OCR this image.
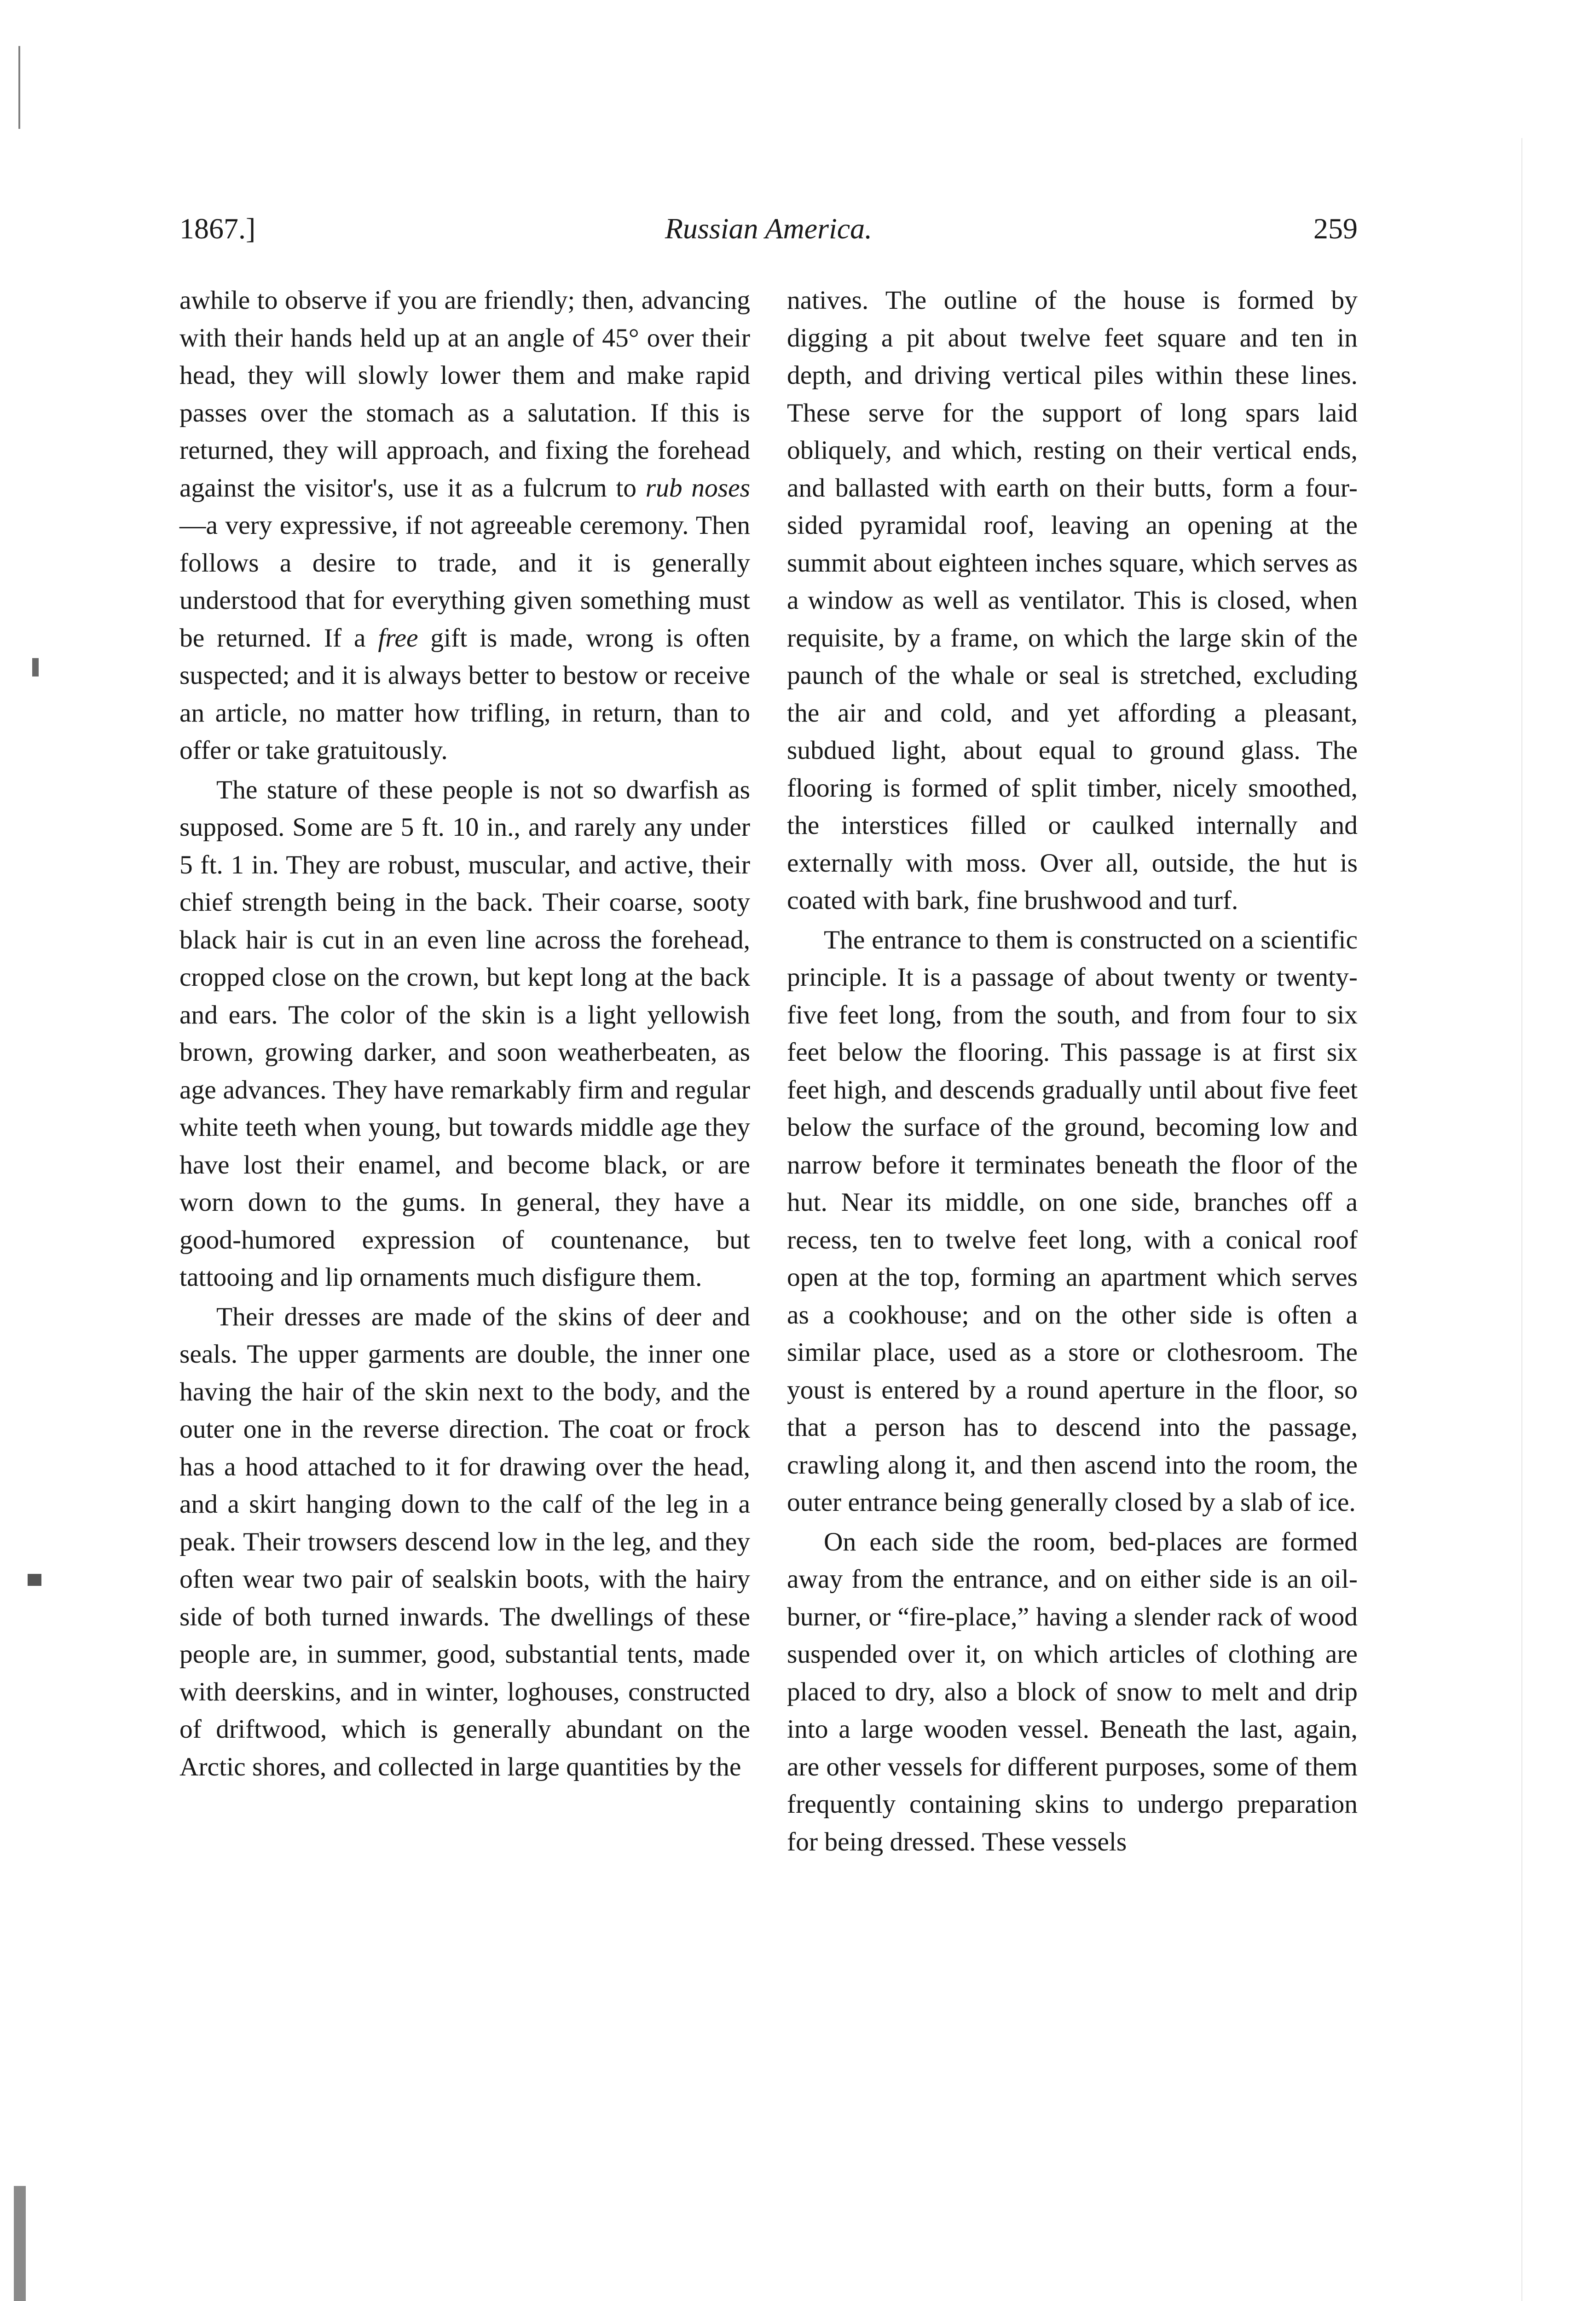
1867.]	Russian America.	259

awhile to observe if you are friendly; then, advancing with their hands held up at an angle of 45° over their head, they will slowly lower them and make rapid passes over the stomach as a salutation. If this is returned, they will approach, and fixing the forehead against the visitor's, use it as a fulcrum to rub noses—a very expressive, if not agreeable ceremony. Then follows a desire to trade, and it is generally understood that for everything given something must be returned. If a free gift is made, wrong is often suspected; and it is always better to bestow or receive an article, no matter how trifling, in return, than to offer or take gratuitously.

The stature of these people is not so dwarfish as supposed. Some are 5 ft. 10 in., and rarely any under 5 ft. 1 in. They are robust, muscular, and active, their chief strength being in the back. Their coarse, sooty black hair is cut in an even line across the forehead, cropped close on the crown, but kept long at the back and ears. The color of the skin is a light yellowish brown, growing darker, and soon weatherbeaten, as age advances. They have remarkably firm and regular white teeth when young, but towards middle age they have lost their enamel, and become black, or are worn down to the gums. In general, they have a good-humored expression of countenance, but tattooing and lip ornaments much disfigure them.

Their dresses are made of the skins of deer and seals. The upper garments are double, the inner one having the hair of the skin next to the body, and the outer one in the reverse direction. The coat or frock has a hood attached to it for drawing over the head, and a skirt hanging down to the calf of the leg in a peak. Their trowsers descend low in the leg, and they often wear two pair of sealskin boots, with the hairy side of both turned inwards. The dwellings of these people are, in summer, good, substantial tents, made with deerskins, and in winter, loghouses, constructed of driftwood, which is generally abundant on the Arctic shores, and collected in large quantities by the

natives. The outline of the house is formed by digging a pit about twelve feet square and ten in depth, and driving vertical piles within these lines. These serve for the support of long spars laid obliquely, and which, resting on their vertical ends, and ballasted with earth on their butts, form a four-sided pyramidal roof, leaving an opening at the summit about eighteen inches square, which serves as a window as well as ventilator. This is closed, when requisite, by a frame, on which the large skin of the paunch of the whale or seal is stretched, excluding the air and cold, and yet affording a pleasant, subdued light, about equal to ground glass. The flooring is formed of split timber, nicely smoothed, the interstices filled or caulked internally and externally with moss. Over all, outside, the hut is coated with bark, fine brushwood and turf.

The entrance to them is constructed on a scientific principle. It is a passage of about twenty or twenty-five feet long, from the south, and from four to six feet below the flooring. This passage is at first six feet high, and descends gradually until about five feet below the surface of the ground, becoming low and narrow before it terminates beneath the floor of the hut. Near its middle, on one side, branches off a recess, ten to twelve feet long, with a conical roof open at the top, forming an apartment which serves as a cookhouse; and on the other side is often a similar place, used as a store or clothesroom. The youst is entered by a round aperture in the floor, so that a person has to descend into the passage, crawling along it, and then ascend into the room, the outer entrance being generally closed by a slab of ice.

On each side the room, bed-places are formed away from the entrance, and on either side is an oil-burner, or “fire-place,” having a slender rack of wood suspended over it, on which articles of clothing are placed to dry, also a block of snow to melt and drip into a large wooden vessel. Beneath the last, again, are other vessels for different purposes, some of them frequently containing skins to undergo preparation for being dressed. These vessels
